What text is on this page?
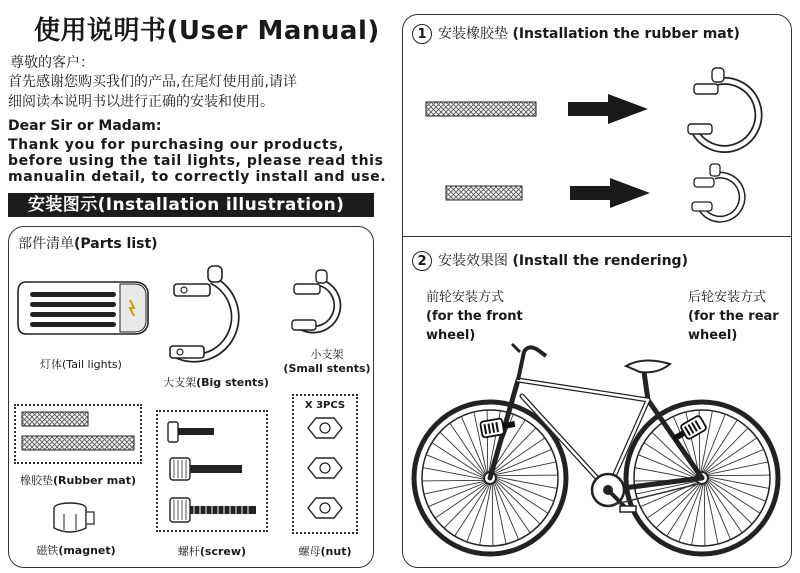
使用说明书(User Manual)
尊敬的客户：
首先感谢您购买我们的产品,在尾灯使用前,请详
细阅读本说明书以进行正确的安装和使用。
Dear Sir or Madam:
Thank you for purchasing our products,
before using the tail lights, please read this
manualin detail, to correctly install and use.
安装图示(Installation illustration)
部件清单(Parts list)
灯体(Tail lights)
大支架(Big stents)
小支架
(Small stents)
橡胶垫(Rubber mat)
磁铁(magnet)	螺杆(screw)
X 3PCS
螺母(nut)
1 安装橡胶垫 (Installation the rubber mat)
2 安装效果图 (Install the rendering)
前轮安装方式
(for the front
wheel)
后轮安装方式
(for the rear
wheel)
